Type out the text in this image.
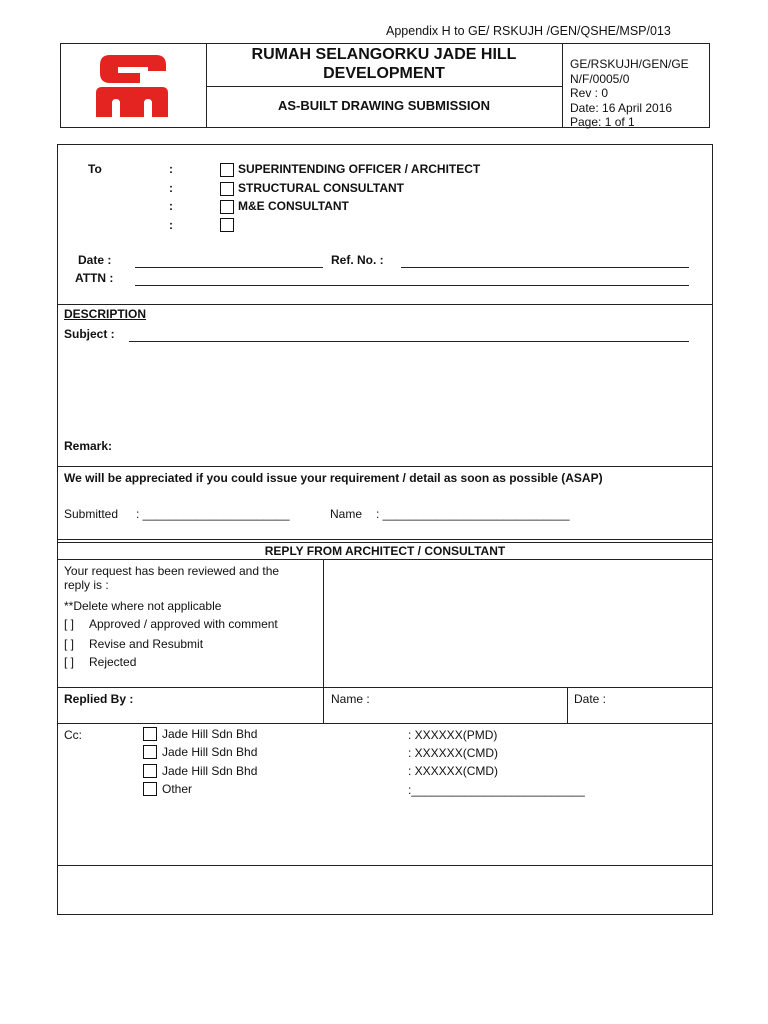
Appendix H to GE/ RSKUJH /GEN/QSHE/MSP/013
RUMAH SELANGORKU JADE HILL
DEVELOPMENT
AS-BUILT DRAWING SUBMISSION
GE/RSKUJH/GEN/GE
N/F/0005/0
Rev : 0
Date: 16 April 2016
Page: 1 of 1
To	:	SUPERINTENDING OFFICER / ARCHITECT
:	STRUCTURAL CONSULTANT
:	M&E CONSULTANT
:
Date :	Ref. No. :
ATTN :
DESCRIPTION
Subject :
Remark:
We will be appreciated if you could issue your requirement / detail as soon as possible (ASAP)
Submitted : ______________________	Name : ____________________________
REPLY FROM ARCHITECT / CONSULTANT
Your request has been reviewed and the
reply is :
**Delete where not applicable
[ ] Approved / approved with comment
[ ] Revise and Resubmit
[ ] Rejected
Replied By :	Name :	Date :
Cc:	Jade Hill Sdn Bhd	: XXXXXX(PMD)
Jade Hill Sdn Bhd	: XXXXXX(CMD)
Jade Hill Sdn Bhd	: XXXXXX(CMD)
Other	:__________________________
